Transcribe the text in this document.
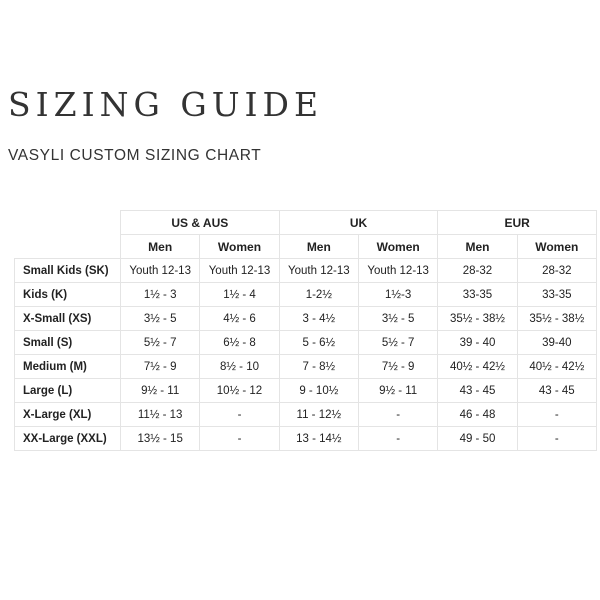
SIZING GUIDE
VASYLI CUSTOM SIZING CHART
	US & AUS		UK		EUR	
	Men	Women	Men	Women	Men	Women
Small Kids (SK)	Youth 12-13	Youth 12-13	Youth 12-13	Youth 12-13	28-32	28-32
Kids (K)	1½ - 3	1½ - 4	1-2½	1½-3	33-35	33-35
X-Small (XS)	3½ - 5	4½ - 6	3 - 4½	3½ - 5	35½ - 38½	35½ - 38½
Small (S)	5½ - 7	6½ - 8	5 - 6½	5½ - 7	39 - 40	39-40
Medium (M)	7½ - 9	8½ - 10	7 - 8½	7½ - 9	40½ - 42½	40½ - 42½
Large (L)	9½ - 11	10½ - 12	9 - 10½	9½ - 11	43 - 45	43 - 45
X-Large (XL)	11½ - 13	-	11 - 12½	-	46 - 48	-
XX-Large (XXL)	13½ - 15	-	13 - 14½	-	49 - 50	-
